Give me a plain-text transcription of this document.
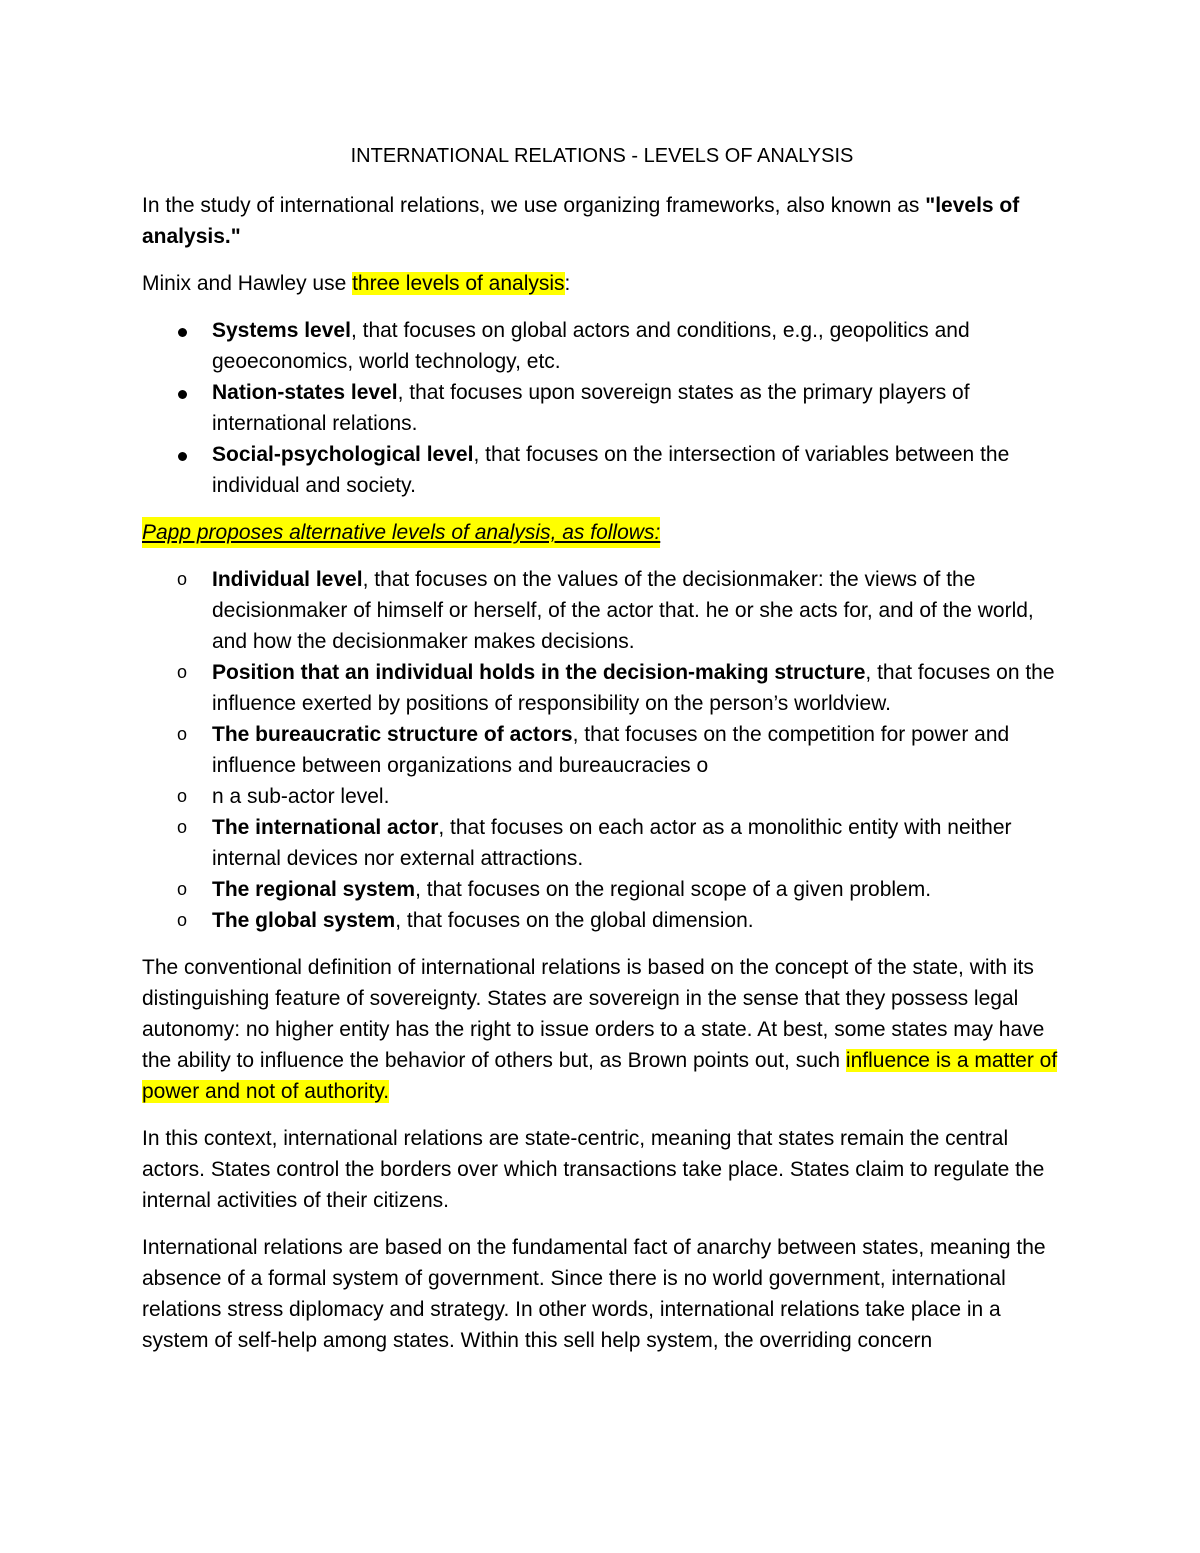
INTERNATIONAL RELATIONS - LEVELS OF ANALYSIS

In the study of international relations, we use organizing frameworks, also known as "levels of analysis."

Minix and Hawley use three levels of analysis:

Systems level, that focuses on global actors and conditions, e.g., geopolitics and geoeconomics, world technology, etc.
Nation-states level, that focuses upon sovereign states as the primary players of international relations.
Social-psychological level, that focuses on the intersection of variables between the individual and society.

Papp proposes alternative levels of analysis, as follows:

o Individual level, that focuses on the values of the decisionmaker: the views of the decisionmaker of himself or herself, of the actor that. he or she acts for, and of the world, and how the decisionmaker makes decisions.
o Position that an individual holds in the decision-making structure, that focuses on the influence exerted by positions of responsibility on the person’s worldview.
o The bureaucratic structure of actors, that focuses on the competition for power and influence between organizations and bureaucracies o
o n a sub-actor level.
o The international actor, that focuses on each actor as a monolithic entity with neither internal devices nor external attractions.
o The regional system, that focuses on the regional scope of a given problem.
o The global system, that focuses on the global dimension.

The conventional definition of international relations is based on the concept of the state, with its distinguishing feature of sovereignty. States are sovereign in the sense that they possess legal autonomy: no higher entity has the right to issue orders to a state. At best, some states may have the ability to influence the behavior of others but, as Brown points out, such influence is a matter of power and not of authority.

In this context, international relations are state-centric, meaning that states remain the central actors. States control the borders over which transactions take place. States claim to regulate the internal activities of their citizens.

International relations are based on the fundamental fact of anarchy between states, meaning the absence of a formal system of government. Since there is no world government, international relations stress diplomacy and strategy. In other words, international relations take place in a system of self-help among states. Within this sell help system, the overriding concern
